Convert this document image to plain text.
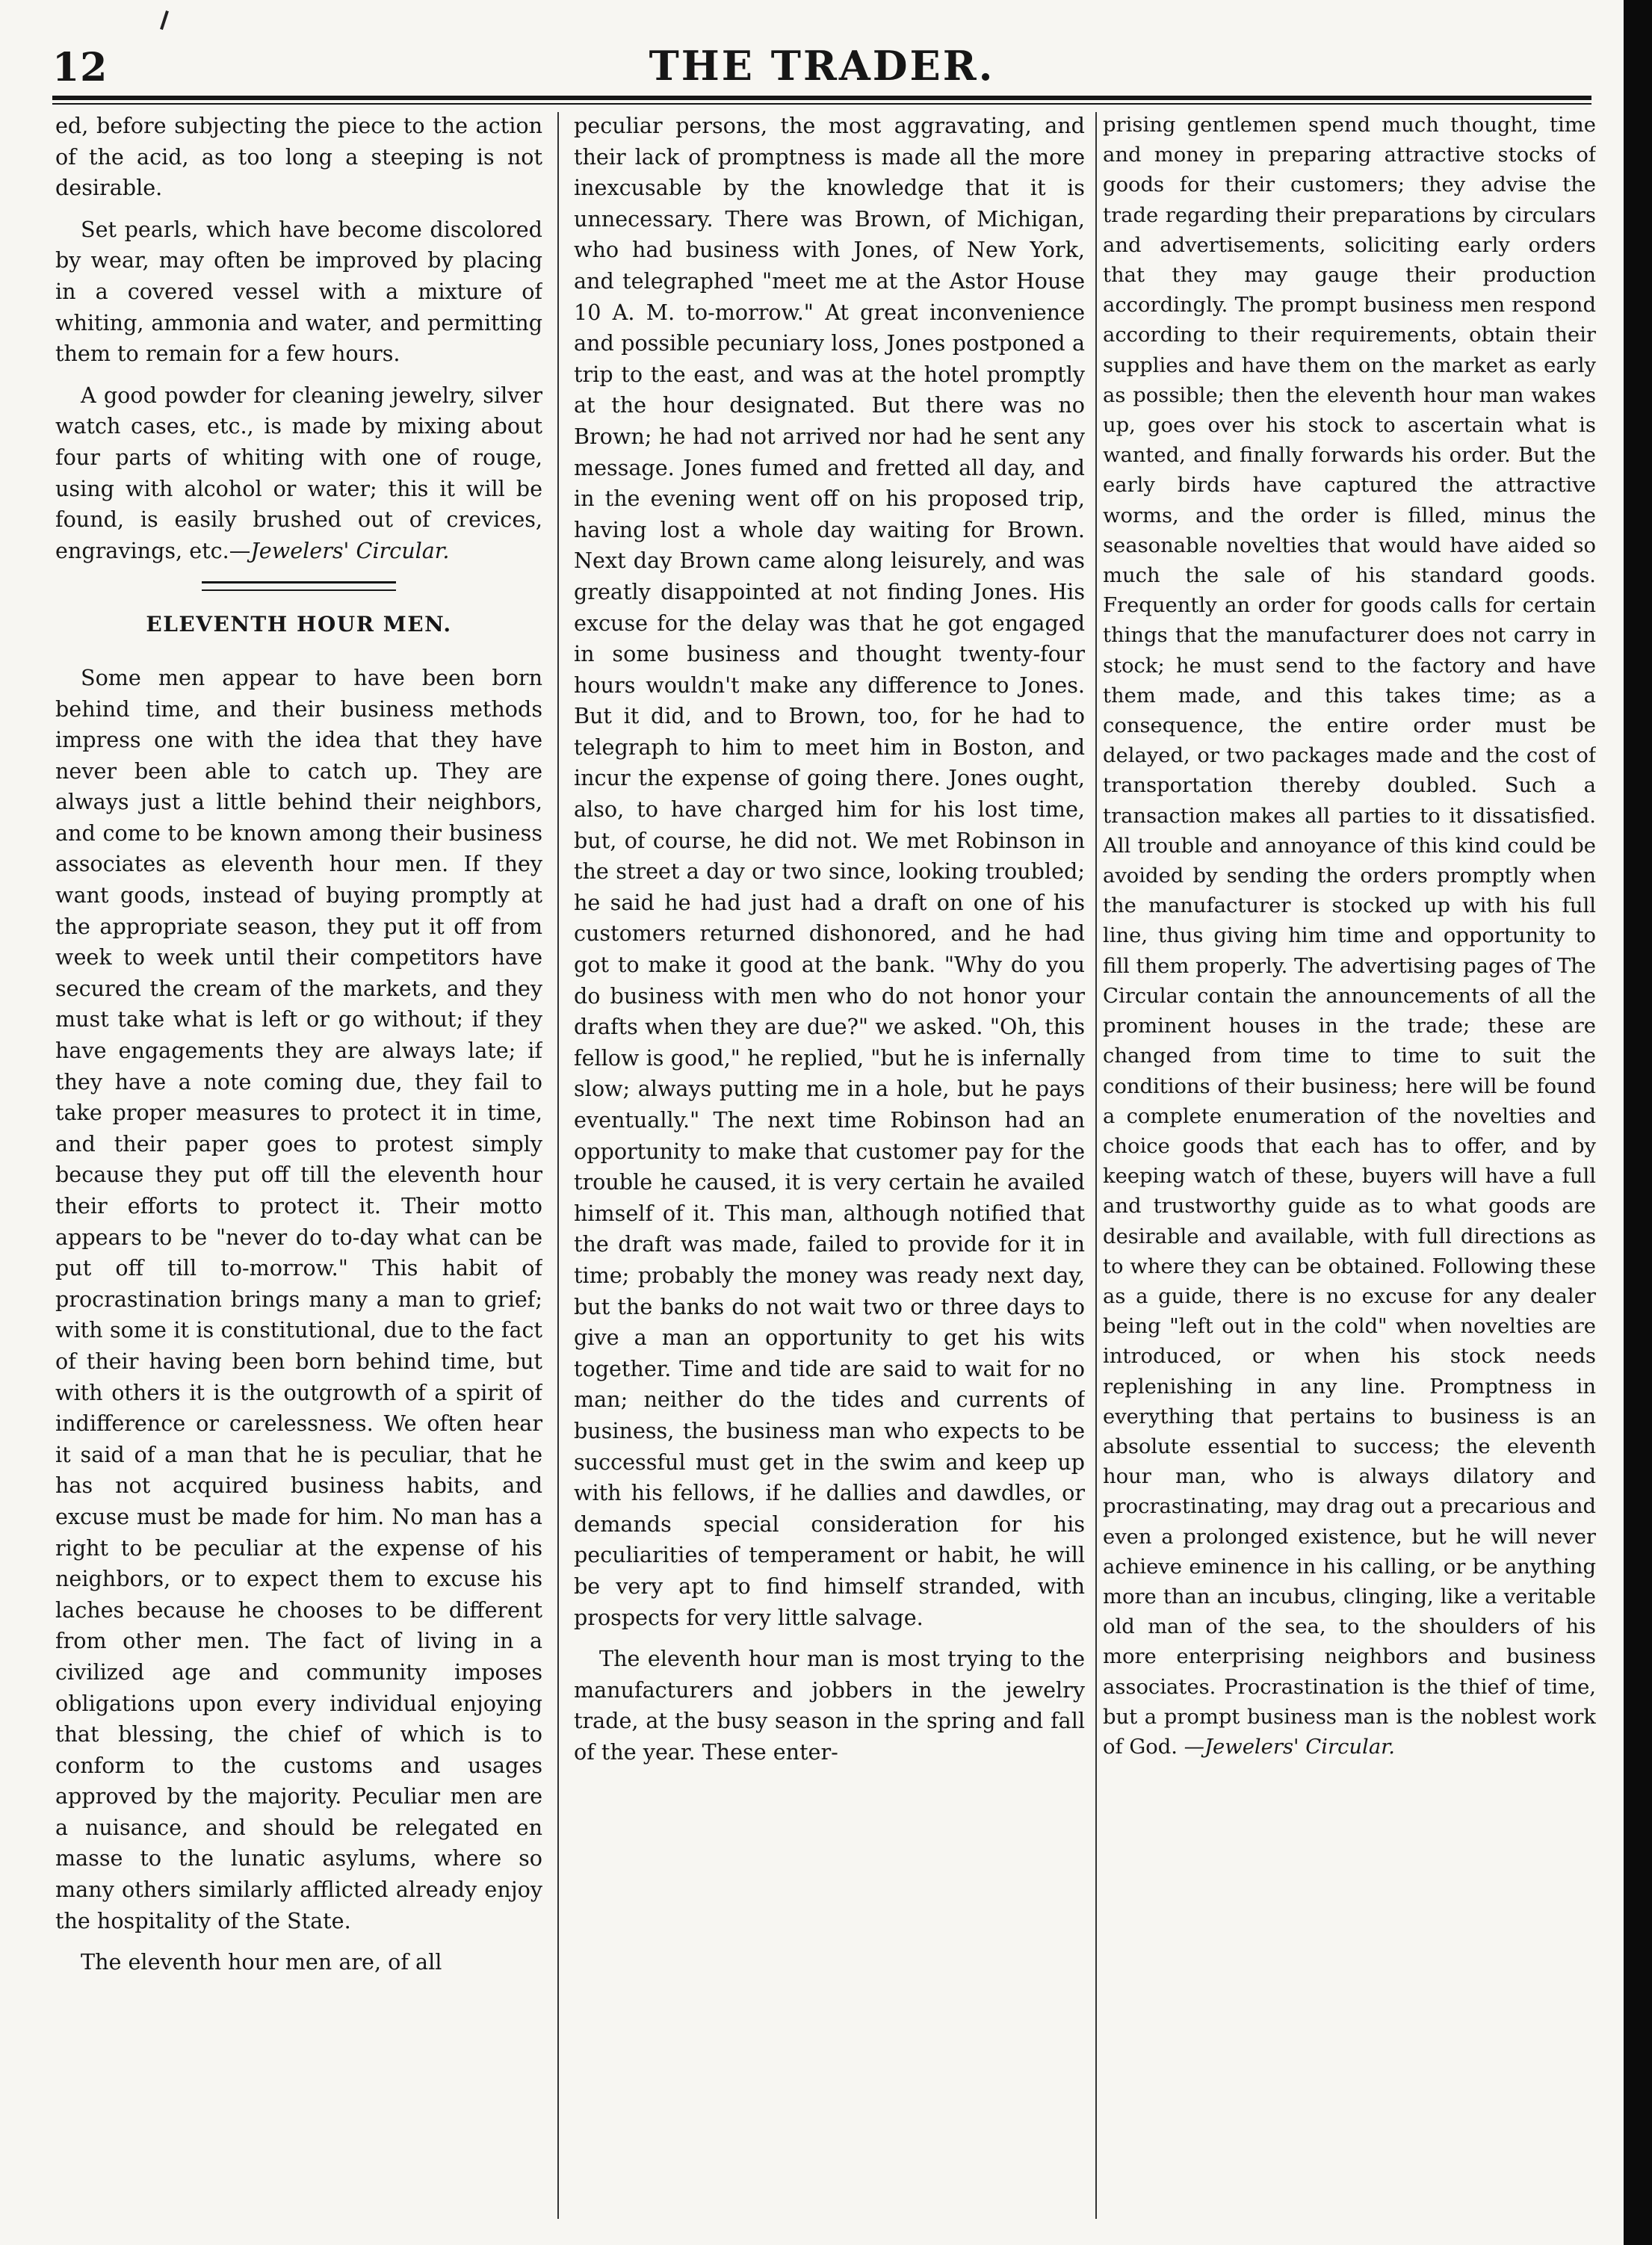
12	THE TRADER.

ed, before subjecting the piece to the action of the acid, as too long a steeping is not desirable.

Set pearls, which have become discolored by wear, may often be improved by placing in a covered vessel with a mixture of whiting, ammonia and water, and permitting them to remain for a few hours.

A good powder for cleaning jewelry, silver watch cases, etc., is made by mixing about four parts of whiting with one of rouge, using with alcohol or water; this it will be found, is easily brushed out of crevices, engravings, etc.—Jewelers' Circular.

ELEVENTH HOUR MEN.

Some men appear to have been born behind time, and their business methods impress one with the idea that they have never been able to catch up. They are always just a little behind their neighbors, and come to be known among their business associates as eleventh hour men. If they want goods, instead of buying promptly at the appropriate season, they put it off from week to week until their competitors have secured the cream of the markets, and they must take what is left or go without; if they have engagements they are always late; if they have a note coming due, they fail to take proper measures to protect it in time, and their paper goes to protest simply because they put off till the eleventh hour their efforts to protect it. Their motto appears to be "never do to-day what can be put off till to-morrow." This habit of procrastination brings many a man to grief; with some it is constitutional, due to the fact of their having been born behind time, but with others it is the outgrowth of a spirit of indifference or carelessness. We often hear it said of a man that he is peculiar, that he has not acquired business habits, and excuse must be made for him. No man has a right to be peculiar at the expense of his neighbors, or to expect them to excuse his laches because he chooses to be different from other men. The fact of living in a civilized age and community imposes obligations upon every individual enjoying that blessing, the chief of which is to conform to the customs and usages approved by the majority. Peculiar men are a nuisance, and should be relegated en masse to the lunatic asylums, where so many others similarly afflicted already enjoy the hospitality of the State.

The eleventh hour men are, of all

peculiar persons, the most aggravating, and their lack of promptness is made all the more inexcusable by the knowledge that it is unnecessary. There was Brown, of Michigan, who had business with Jones, of New York, and telegraphed "meet me at the Astor House 10 A. M. to-morrow." At great inconvenience and possible pecuniary loss, Jones postponed a trip to the east, and was at the hotel promptly at the hour designated. But there was no Brown; he had not arrived nor had he sent any message. Jones fumed and fretted all day, and in the evening went off on his proposed trip, having lost a whole day waiting for Brown. Next day Brown came along leisurely, and was greatly disappointed at not finding Jones. His excuse for the delay was that he got engaged in some business and thought twenty-four hours wouldn't make any difference to Jones. But it did, and to Brown, too, for he had to telegraph to him to meet him in Boston, and incur the expense of going there. Jones ought, also, to have charged him for his lost time, but, of course, he did not. We met Robinson in the street a day or two since, looking troubled; he said he had just had a draft on one of his customers returned dishonored, and he had got to make it good at the bank. "Why do you do business with men who do not honor your drafts when they are due?" we asked. "Oh, this fellow is good," he replied, "but he is infernally slow; always putting me in a hole, but he pays eventually." The next time Robinson had an opportunity to make that customer pay for the trouble he caused, it is very certain he availed himself of it. This man, although notified that the draft was made, failed to provide for it in time; probably the money was ready next day, but the banks do not wait two or three days to give a man an opportunity to get his wits together. Time and tide are said to wait for no man; neither do the tides and currents of business, the business man who expects to be successful must get in the swim and keep up with his fellows, if he dallies and dawdles, or demands special consideration for his peculiarities of temperament or habit, he will be very apt to find himself stranded, with prospects for very little salvage.

The eleventh hour man is most trying to the manufacturers and jobbers in the jewelry trade, at the busy season in the spring and fall of the year. These enter-

prising gentlemen spend much thought, time and money in preparing attractive stocks of goods for their customers; they advise the trade regarding their preparations by circulars and advertisements, soliciting early orders that they may gauge their production accordingly. The prompt business men respond according to their requirements, obtain their supplies and have them on the market as early as possible; then the eleventh hour man wakes up, goes over his stock to ascertain what is wanted, and finally forwards his order. But the early birds have captured the attractive worms, and the order is filled, minus the seasonable novelties that would have aided so much the sale of his standard goods. Frequently an order for goods calls for certain things that the manufacturer does not carry in stock; he must send to the factory and have them made, and this takes time; as a consequence, the entire order must be delayed, or two packages made and the cost of transportation thereby doubled. Such a transaction makes all parties to it dissatisfied. All trouble and annoyance of this kind could be avoided by sending the orders promptly when the manufacturer is stocked up with his full line, thus giving him time and opportunity to fill them properly. The advertising pages of The Circular contain the announcements of all the prominent houses in the trade; these are changed from time to time to suit the conditions of their business; here will be found a complete enumeration of the novelties and choice goods that each has to offer, and by keeping watch of these, buyers will have a full and trustworthy guide as to what goods are desirable and available, with full directions as to where they can be obtained. Following these as a guide, there is no excuse for any dealer being "left out in the cold" when novelties are introduced, or when his stock needs replenishing in any line. Promptness in everything that pertains to business is an absolute essential to success; the eleventh hour man, who is always dilatory and procrastinating, may drag out a precarious and even a prolonged existence, but he will never achieve eminence in his calling, or be anything more than an incubus, clinging, like a veritable old man of the sea, to the shoulders of his more enterprising neighbors and business associates. Procrastination is the thief of time, but a prompt business man is the noblest work of God. —Jewelers' Circular.
